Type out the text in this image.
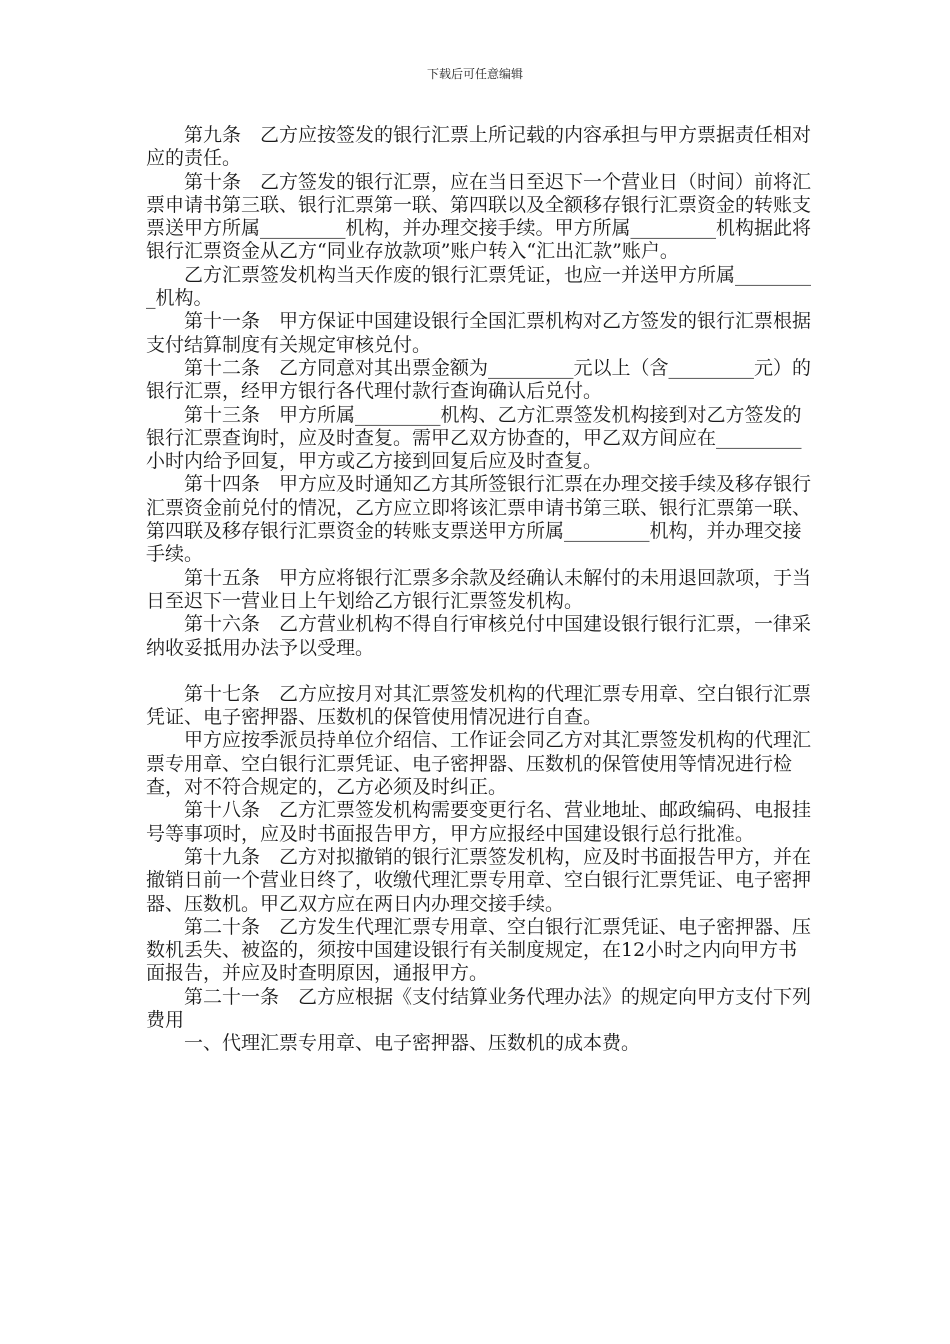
下载后可任意编辑

第九条　乙方应按签发的银行汇票上所记载的内容承担与甲方票据责任相对应的责任。

第十条　乙方签发的银行汇票，应在当日至迟下一个营业日（时间）前将汇票申请书第三联、银行汇票第一联、第四联以及全额移存银行汇票资金的转账支票送甲方所属_________机构，并办理交接手续。甲方所属_________机构据此将银行汇票资金从乙方“同业存放款项”账户转入“汇出汇款”账户。

乙方汇票签发机构当天作废的银行汇票凭证，也应一并送甲方所属_________机构。

第十一条　甲方保证中国建设银行全国汇票机构对乙方签发的银行汇票根据支付结算制度有关规定审核兑付。

第十二条　乙方同意对其出票金额为_________元以上（含_________元）的银行汇票，经甲方银行各代理付款行查询确认后兑付。

第十三条　甲方所属_________机构、乙方汇票签发机构接到对乙方签发的银行汇票查询时，应及时查复。需甲乙双方协查的，甲乙双方间应在_________小时内给予回复，甲方或乙方接到回复后应及时查复。

第十四条　甲方应及时通知乙方其所签银行汇票在办理交接手续及移存银行汇票资金前兑付的情况，乙方应立即将该汇票申请书第三联、银行汇票第一联、第四联及移存银行汇票资金的转账支票送甲方所属_________机构，并办理交接手续。

第十五条　甲方应将银行汇票多余款及经确认未解付的未用退回款项，于当日至迟下一营业日上午划给乙方银行汇票签发机构。

第十六条　乙方营业机构不得自行审核兑付中国建设银行银行汇票，一律采纳收妥抵用办法予以受理。

第十七条　乙方应按月对其汇票签发机构的代理汇票专用章、空白银行汇票凭证、电子密押器、压数机的保管使用情况进行自查。

甲方应按季派员持单位介绍信、工作证会同乙方对其汇票签发机构的代理汇票专用章、空白银行汇票凭证、电子密押器、压数机的保管使用等情况进行检查，对不符合规定的，乙方必须及时纠正。

第十八条　乙方汇票签发机构需要变更行名、营业地址、邮政编码、电报挂号等事项时，应及时书面报告甲方，甲方应报经中国建设银行总行批准。

第十九条　乙方对拟撤销的银行汇票签发机构，应及时书面报告甲方，并在撤销日前一个营业日终了，收缴代理汇票专用章、空白银行汇票凭证、电子密押器、压数机。甲乙双方应在两日内办理交接手续。

第二十条　乙方发生代理汇票专用章、空白银行汇票凭证、电子密押器、压数机丢失、被盗的，须按中国建设银行有关制度规定，在12小时之内向甲方书面报告，并应及时查明原因，通报甲方。

第二十一条　乙方应根据《支付结算业务代理办法》的规定向甲方支付下列费用

一、代理汇票专用章、电子密押器、压数机的成本费。
